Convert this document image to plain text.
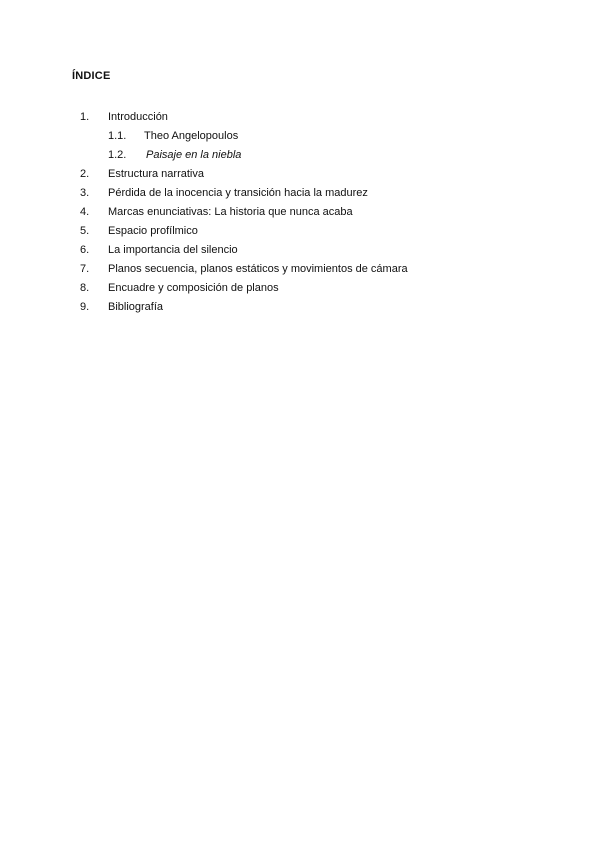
ÍNDICE
1. Introducción
1.1. Theo Angelopoulos
1.2. Paisaje en la niebla
2. Estructura narrativa
3. Pérdida de la inocencia y transición hacia la madurez
4. Marcas enunciativas: La historia que nunca acaba
5. Espacio profílmico
6. La importancia del silencio
7. Planos secuencia, planos estáticos y movimientos de cámara
8. Encuadre y composición de planos
9. Bibliografía
